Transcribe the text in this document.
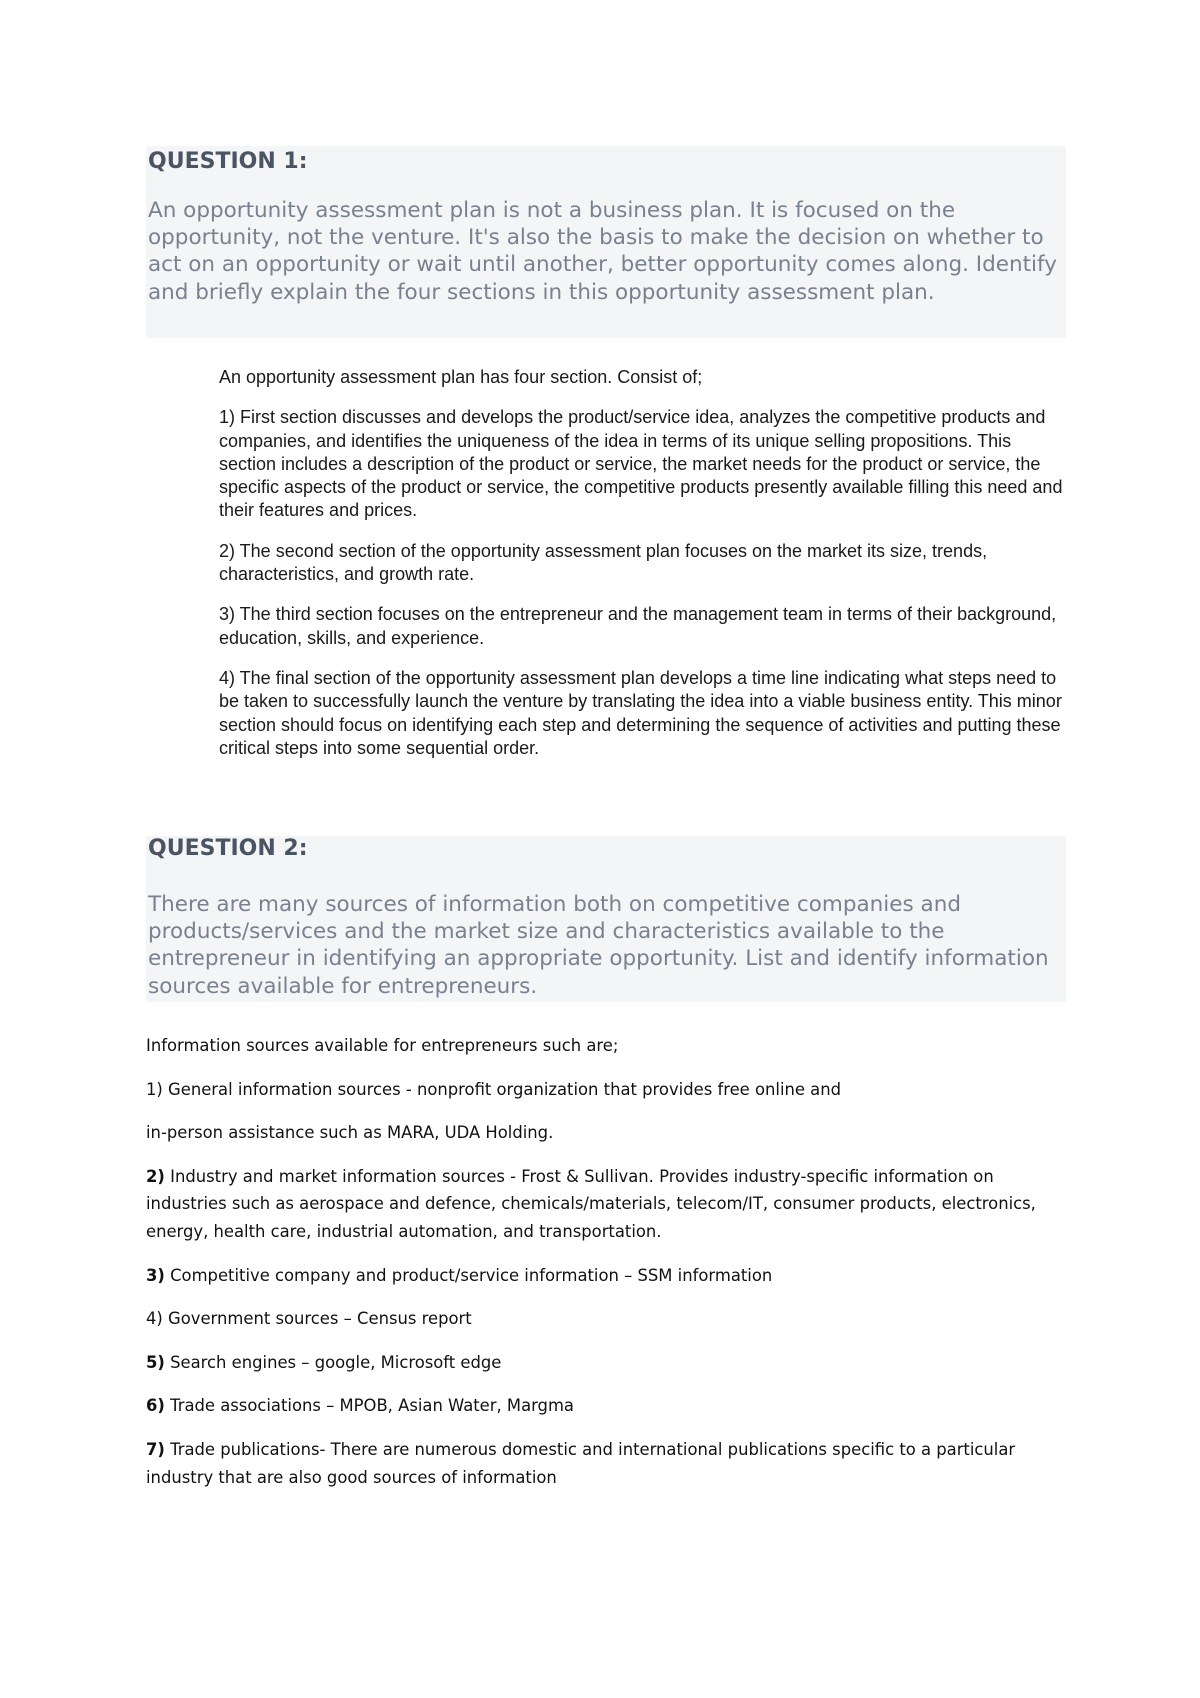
QUESTION 1:

An opportunity assessment plan is not a business plan. It is focused on the opportunity, not the venture. It's also the basis to make the decision on whether to act on an opportunity or wait until another, better opportunity comes along. Identify and briefly explain the four sections in this opportunity assessment plan.

An opportunity assessment plan has four section. Consist of;

1) First section discusses and develops the product/service idea, analyzes the competitive products and companies, and identifies the uniqueness of the idea in terms of its unique selling propositions. This section includes a description of the product or service, the market needs for the product or service, the specific aspects of the product or service, the competitive products presently available filling this need and their features and prices.

2) The second section of the opportunity assessment plan focuses on the market its size, trends, characteristics, and growth rate.

3) The third section focuses on the entrepreneur and the management team in terms of their background, education, skills, and experience.

4) The final section of the opportunity assessment plan develops a time line indicating what steps need to be taken to successfully launch the venture by translating the idea into a viable business entity. This minor section should focus on identifying each step and determining the sequence of activities and putting these critical steps into some sequential order.

QUESTION 2:

There are many sources of information both on competitive companies and products/services and the market size and characteristics available to the entrepreneur in identifying an appropriate opportunity. List and identify information sources available for entrepreneurs.

Information sources available for entrepreneurs such are;

1) General information sources - nonprofit organization that provides free online and

in-person assistance such as MARA, UDA Holding.

2) Industry and market information sources - Frost & Sullivan. Provides industry-specific information on industries such as aerospace and defence, chemicals/materials, telecom/IT, consumer products, electronics, energy, health care, industrial automation, and transportation.

3) Competitive company and product/service information – SSM information

4) Government sources – Census report

5) Search engines – google, Microsoft edge

6) Trade associations – MPOB, Asian Water, Margma

7) Trade publications- There are numerous domestic and international publications specific to a particular industry that are also good sources of information
